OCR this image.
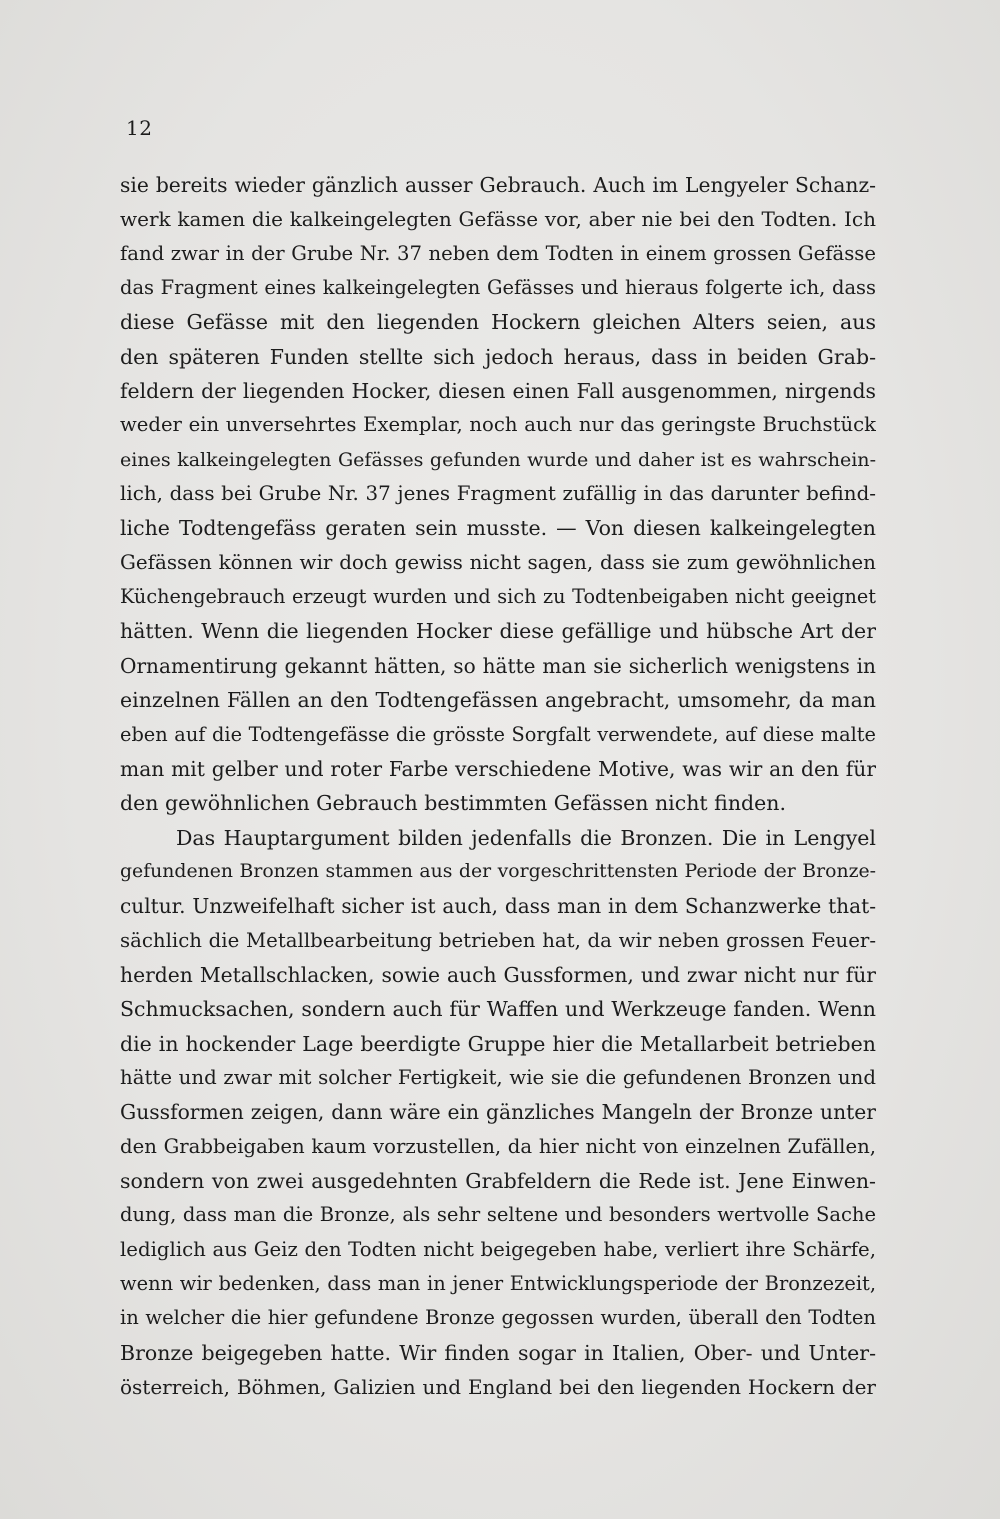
12
sie bereits wieder gänzlich ausser Gebrauch. Auch im Lengyeler Schanz-
werk kamen die kalkeingelegten Gefässe vor, aber nie bei den Todten. Ich
fand zwar in der Grube Nr. 37 neben dem Todten in einem grossen Gefässe
das Fragment eines kalkeingelegten Gefässes und hieraus folgerte ich, dass
diese Gefässe mit den liegenden Hockern gleichen Alters seien, aus
den späteren Funden stellte sich jedoch heraus, dass in beiden Grab-
feldern der liegenden Hocker, diesen einen Fall ausgenommen, nirgends
weder ein unversehrtes Exemplar, noch auch nur das geringste Bruchstück
eines kalkeingelegten Gefässes gefunden wurde und daher ist es wahrschein-
lich, dass bei Grube Nr. 37 jenes Fragment zufällig in das darunter befind-
liche Todtengefäss geraten sein musste. — Von diesen kalkeingelegten
Gefässen können wir doch gewiss nicht sagen, dass sie zum gewöhnlichen
Küchengebrauch erzeugt wurden und sich zu Todtenbeigaben nicht geeignet
hätten. Wenn die liegenden Hocker diese gefällige und hübsche Art der
Ornamentirung gekannt hätten, so hätte man sie sicherlich wenigstens in
einzelnen Fällen an den Todtengefässen angebracht, umsomehr, da man
eben auf die Todtengefässe die grösste Sorgfalt verwendete, auf diese malte
man mit gelber und roter Farbe verschiedene Motive, was wir an den für
den gewöhnlichen Gebrauch bestimmten Gefässen nicht finden.
Das Hauptargument bilden jedenfalls die Bronzen. Die in Lengyel
gefundenen Bronzen stammen aus der vorgeschrittensten Periode der Bronze-
cultur. Unzweifelhaft sicher ist auch, dass man in dem Schanzwerke that-
sächlich die Metallbearbeitung betrieben hat, da wir neben grossen Feuer-
herden Metallschlacken, sowie auch Gussformen, und zwar nicht nur für
Schmucksachen, sondern auch für Waffen und Werkzeuge fanden. Wenn
die in hockender Lage beerdigte Gruppe hier die Metallarbeit betrieben
hätte und zwar mit solcher Fertigkeit, wie sie die gefundenen Bronzen und
Gussformen zeigen, dann wäre ein gänzliches Mangeln der Bronze unter
den Grabbeigaben kaum vorzustellen, da hier nicht von einzelnen Zufällen,
sondern von zwei ausgedehnten Grabfeldern die Rede ist. Jene Einwen-
dung, dass man die Bronze, als sehr seltene und besonders wertvolle Sache
lediglich aus Geiz den Todten nicht beigegeben habe, verliert ihre Schärfe,
wenn wir bedenken, dass man in jener Entwicklungsperiode der Bronzezeit,
in welcher die hier gefundene Bronze gegossen wurden, überall den Todten
Bronze beigegeben hatte. Wir finden sogar in Italien, Ober- und Unter-
österreich, Böhmen, Galizien und England bei den liegenden Hockern der
